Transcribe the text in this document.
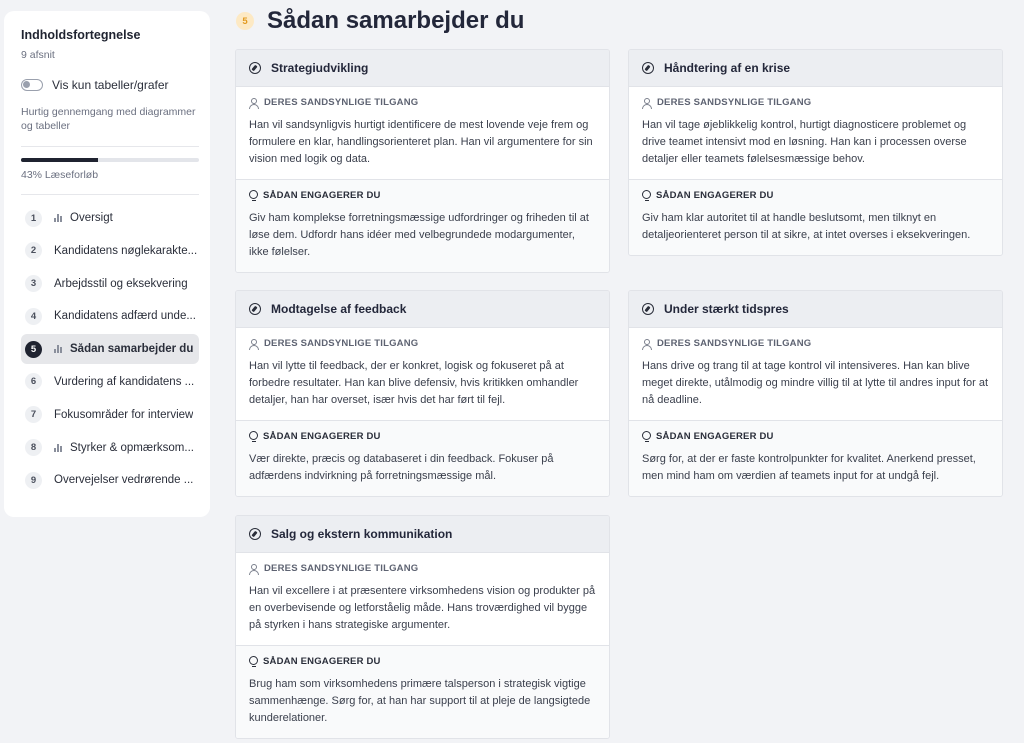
Indholdsfortegnelse
9 afsnit
Vis kun tabeller/grafer
Hurtig gennemgang med diagrammer og tabeller
43% Læseforløb
1	Oversigt
2	Kandidatens nøglekarakte...
3	Arbejdsstil og eksekvering
4	Kandidatens adfærd unde...
5	Sådan samarbejder du
6	Vurdering af kandidatens ...
7	Fokusområder for interview
8	Styrker & opmærksom...
9	Overvejelser vedrørende ...
5 Sådan samarbejder du
Strategiudvikling
DERES SANDSYNLIGE TILGANG

Han vil sandsynligvis hurtigt identificere de mest lovende veje frem og formulere en klar, handlingsorienteret plan. Han vil argumentere for sin vision med logik og data.

SÅDAN ENGAGERER DU

Giv ham komplekse forretningsmæssige udfordringer og friheden til at løse dem. Udfordr hans idéer med velbegrundede modargumenter, ikke følelser.

Håndtering af en krise
DERES SANDSYNLIGE TILGANG

Han vil tage øjeblikkelig kontrol, hurtigt diagnosticere problemet og drive teamet intensivt mod en løsning. Han kan i processen overse detaljer eller teamets følelsesmæssige behov.

SÅDAN ENGAGERER DU

Giv ham klar autoritet til at handle beslutsomt, men tilknyt en detaljeorienteret person til at sikre, at intet overses i eksekveringen.

Modtagelse af feedback
DERES SANDSYNLIGE TILGANG

Han vil lytte til feedback, der er konkret, logisk og fokuseret på at forbedre resultater. Han kan blive defensiv, hvis kritikken omhandler detaljer, han har overset, især hvis det har ført til fejl.

SÅDAN ENGAGERER DU

Vær direkte, præcis og databaseret i din feedback. Fokuser på adfærdens indvirkning på forretningsmæssige mål.

Under stærkt tidspres
DERES SANDSYNLIGE TILGANG

Hans drive og trang til at tage kontrol vil intensiveres. Han kan blive meget direkte, utålmodig og mindre villig til at lytte til andres input for at nå deadline.

SÅDAN ENGAGERER DU

Sørg for, at der er faste kontrolpunkter for kvalitet. Anerkend presset, men mind ham om værdien af teamets input for at undgå fejl.

Salg og ekstern kommunikation
DERES SANDSYNLIGE TILGANG

Han vil excellere i at præsentere virksomhedens vision og produkter på en overbevisende og letforståelig måde. Hans troværdighed vil bygge på styrken i hans strategiske argumenter.

SÅDAN ENGAGERER DU

Brug ham som virksomhedens primære talsperson i strategisk vigtige sammenhænge. Sørg for, at han har support til at pleje de langsigtede kunderelationer.
